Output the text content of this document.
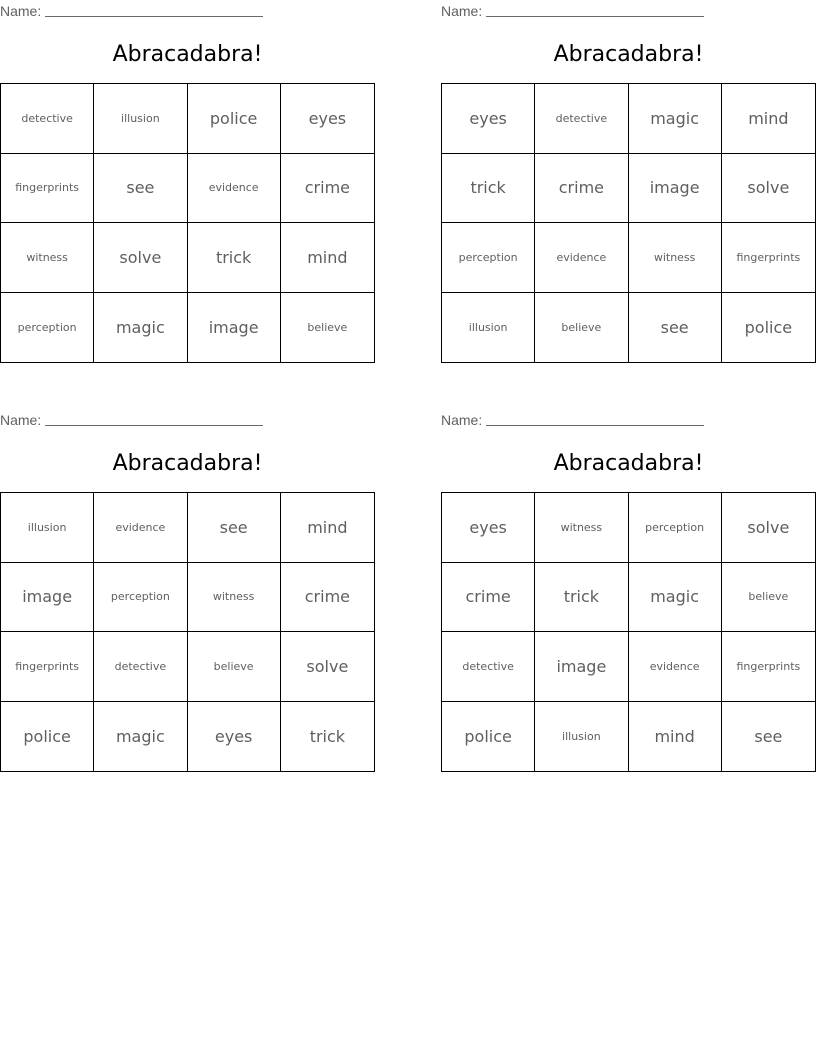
Name:
Abracadabra!
detective	illusion	police	eyes
fingerprints	see	evidence	crime
witness	solve	trick	mind
perception	magic	image	believe
Name:
Abracadabra!
eyes	detective	magic	mind
trick	crime	image	solve
perception	evidence	witness	fingerprints
illusion	believe	see	police
Name:
Abracadabra!
illusion	evidence	see	mind
image	perception	witness	crime
fingerprints	detective	believe	solve
police	magic	eyes	trick
Name:
Abracadabra!
eyes	witness	perception	solve
crime	trick	magic	believe
detective	image	evidence	fingerprints
police	illusion	mind	see
